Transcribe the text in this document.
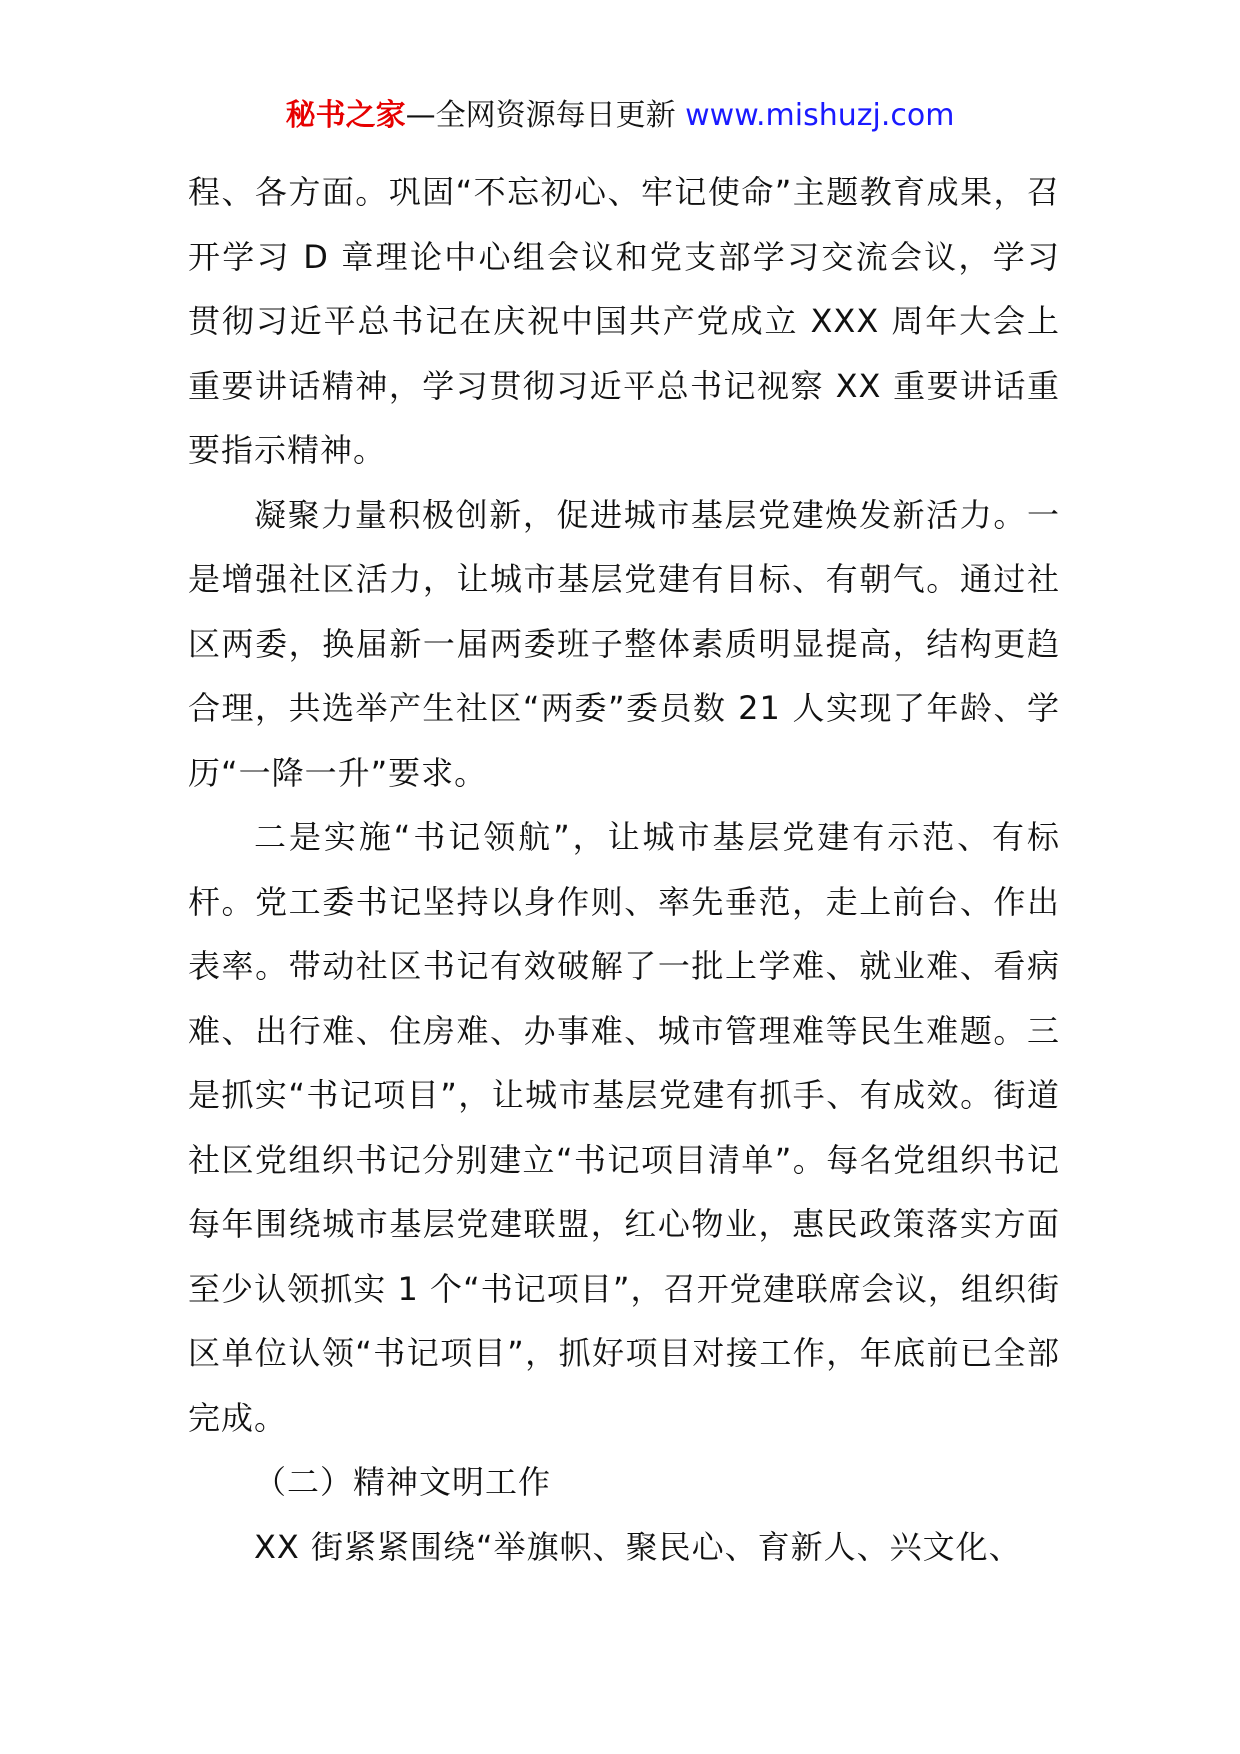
秘书之家—全网资源每日更新 www.mishuzj.com

程、各方面。巩固“不忘初心、牢记使命”主题教育成果，召开学习 D 章理论中心组会议和党支部学习交流会议，学习贯彻习近平总书记在庆祝中国共产党成立 XXX 周年大会上重要讲话精神，学习贯彻习近平总书记视察 XX 重要讲话重要指示精神。

凝聚力量积极创新，促进城市基层党建焕发新活力。一是增强社区活力，让城市基层党建有目标、有朝气。通过社区两委，换届新一届两委班子整体素质明显提高，结构更趋合理，共选举产生社区“两委”委员数 21 人实现了年龄、学历“一降一升”要求。

二是实施“书记领航”，让城市基层党建有示范、有标杆。党工委书记坚持以身作则、率先垂范，走上前台、作出表率。带动社区书记有效破解了一批上学难、就业难、看病难、出行难、住房难、办事难、城市管理难等民生难题。三是抓实“书记项目”，让城市基层党建有抓手、有成效。街道社区党组织书记分别建立“书记项目清单”。每名党组织书记每年围绕城市基层党建联盟，红心物业，惠民政策落实方面至少认领抓实 1 个“书记项目”，召开党建联席会议，组织街区单位认领“书记项目”，抓好项目对接工作，年底前已全部完成。

（二）精神文明工作

XX 街紧紧围绕“举旗帜、聚民心、育新人、兴文化、
